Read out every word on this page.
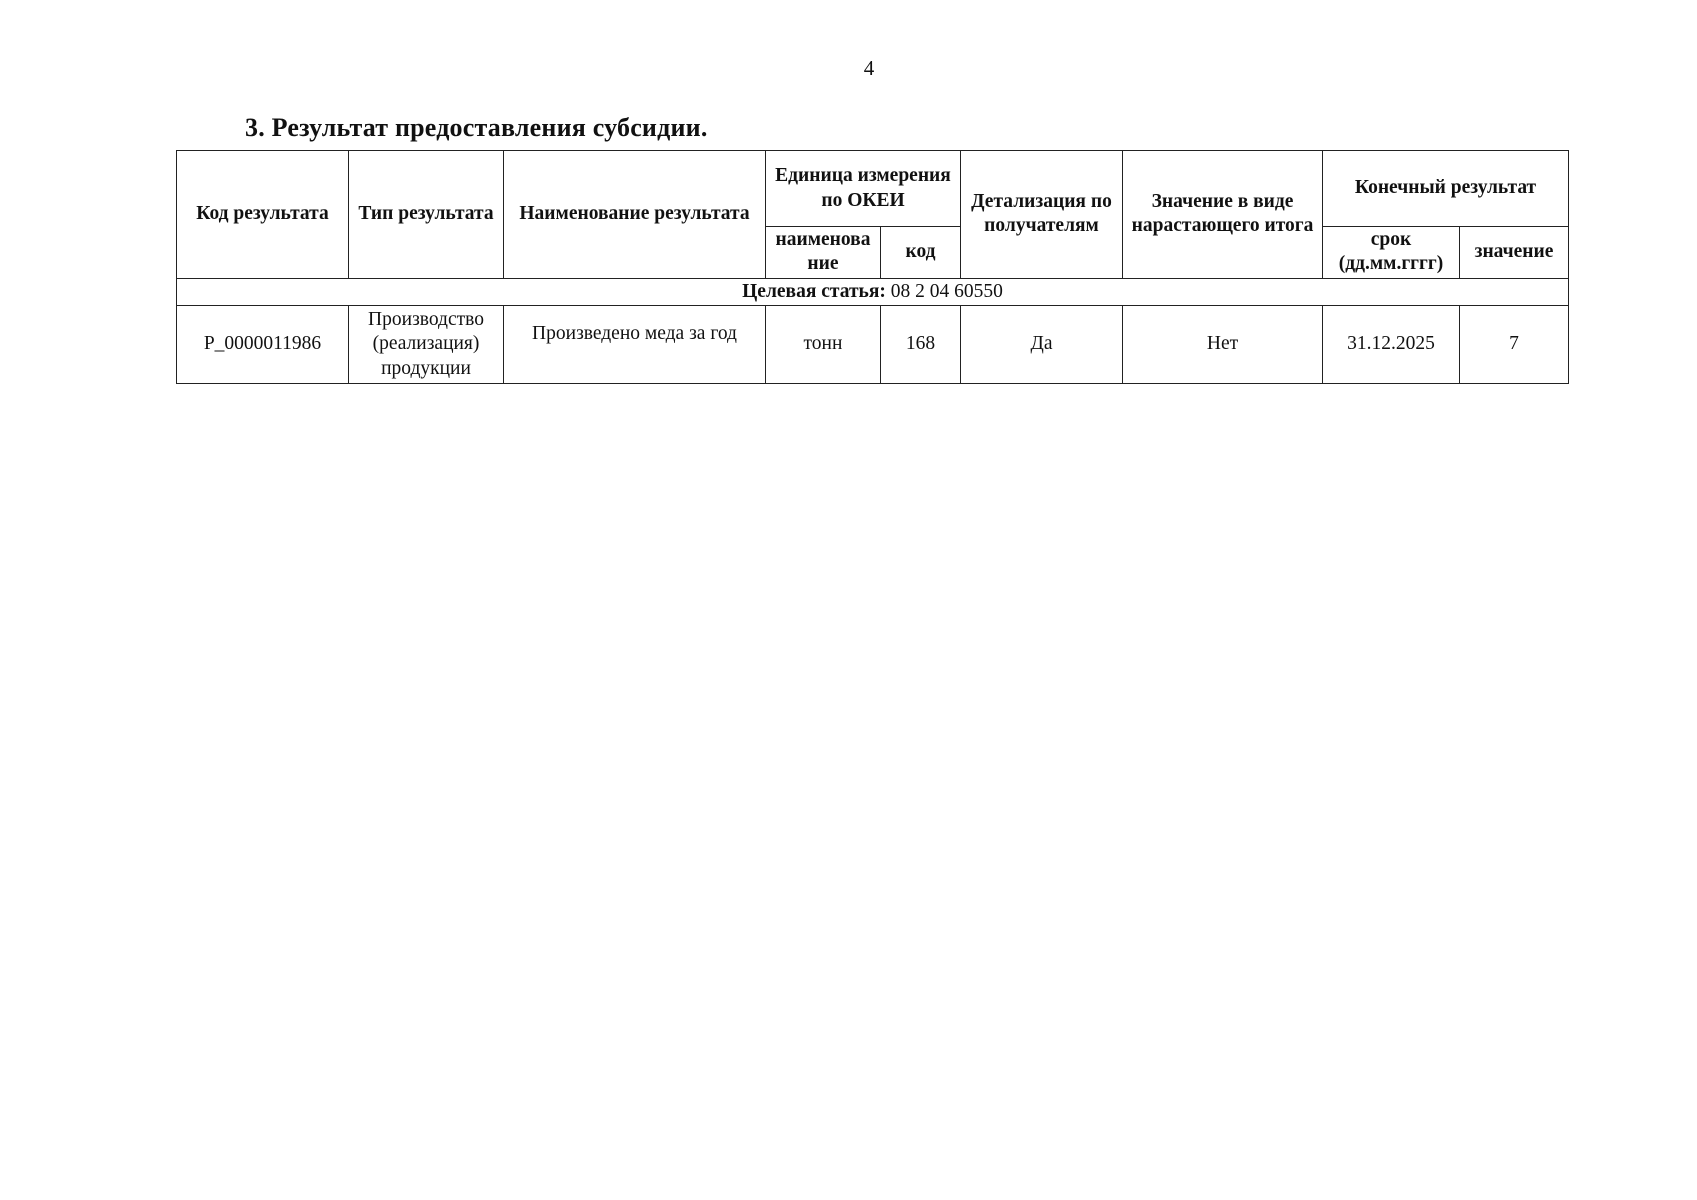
4
3. Результат предоставления субсидии.
Код результата	Тип результата	Наименование результата	Единица измерения по ОКЕИ		Детализация по получателям	Значение в виде нарастающего итога	Конечный результат	
			наименова ние	код			срок (дд.мм.гггг)	значение
Целевая статья: 08 2 04 60550								
P_0000011986	Производство (реализация) продукции	Произведено меда за год	тонн	168	Да	Нет	31.12.2025	7
